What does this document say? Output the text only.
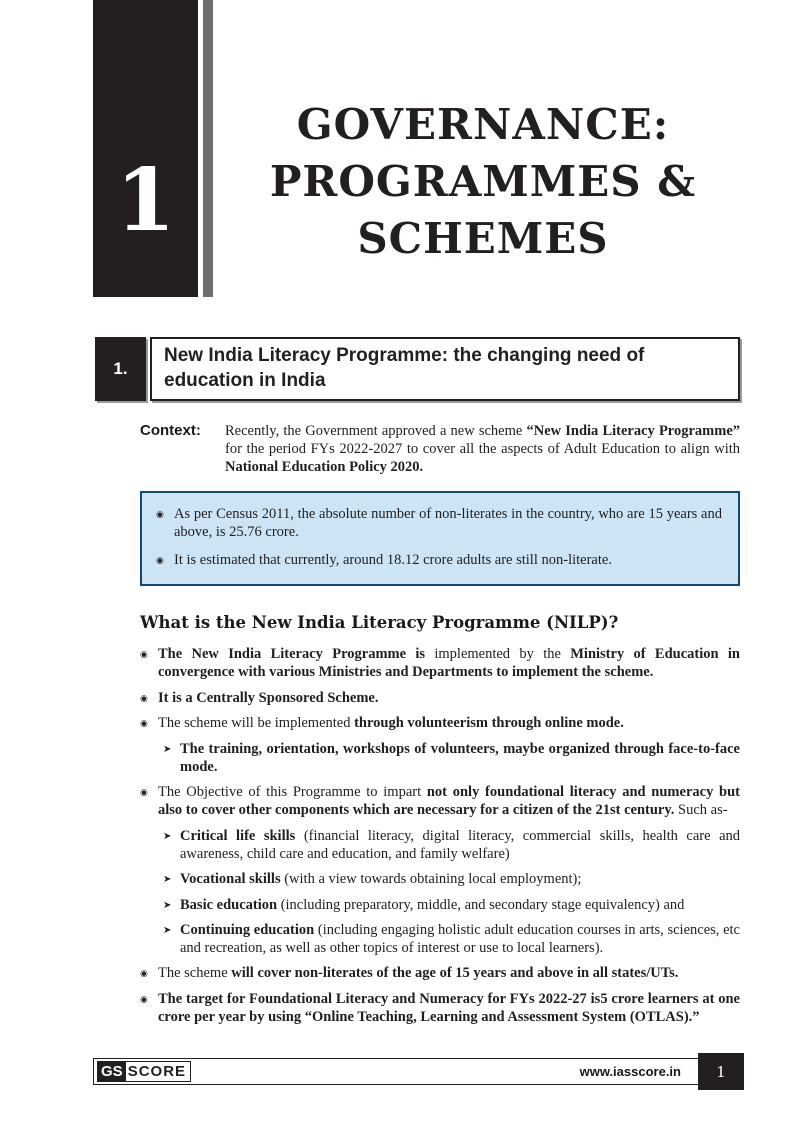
1
GOVERNANCE:
PROGRAMMES &
SCHEMES
1.
New India Literacy Programme: the changing need of education in India
Context:	Recently, the Government approved a new scheme “New India Literacy Programme” for the period FYs 2022-2027 to cover all the aspects of Adult Education to align with National Education Policy 2020.
◉ As per Census 2011, the absolute number of non-literates in the country, who are 15 years and above, is 25.76 crore.
◉ It is estimated that currently, around 18.12 crore adults are still non-literate.
What is the New India Literacy Programme (NILP)?
◉ The New India Literacy Programme is implemented by the Ministry of Education in convergence with various Ministries and Departments to implement the scheme.
◉ It is a Centrally Sponsored Scheme.
◉ The scheme will be implemented through volunteerism through online mode.
➤ The training, orientation, workshops of volunteers, maybe organized through face-to-face mode.
◉ The Objective of this Programme to impart not only foundational literacy and numeracy but also to cover other components which are necessary for a citizen of the 21st century. Such as-
➤ Critical life skills (financial literacy, digital literacy, commercial skills, health care and awareness, child care and education, and family welfare)
➤ Vocational skills (with a view towards obtaining local employment);
➤ Basic education (including preparatory, middle, and secondary stage equivalency) and
➤ Continuing education (including engaging holistic adult education courses in arts, sciences, etc and recreation, as well as other topics of interest or use to local learners).
◉ The scheme will cover non-literates of the age of 15 years and above in all states/UTs.
◉ The target for Foundational Literacy and Numeracy for FYs 2022-27 is5 crore learners at one crore per year by using “Online Teaching, Learning and Assessment System (OTLAS).”
GS SCORE	www.iasscore.in 1
